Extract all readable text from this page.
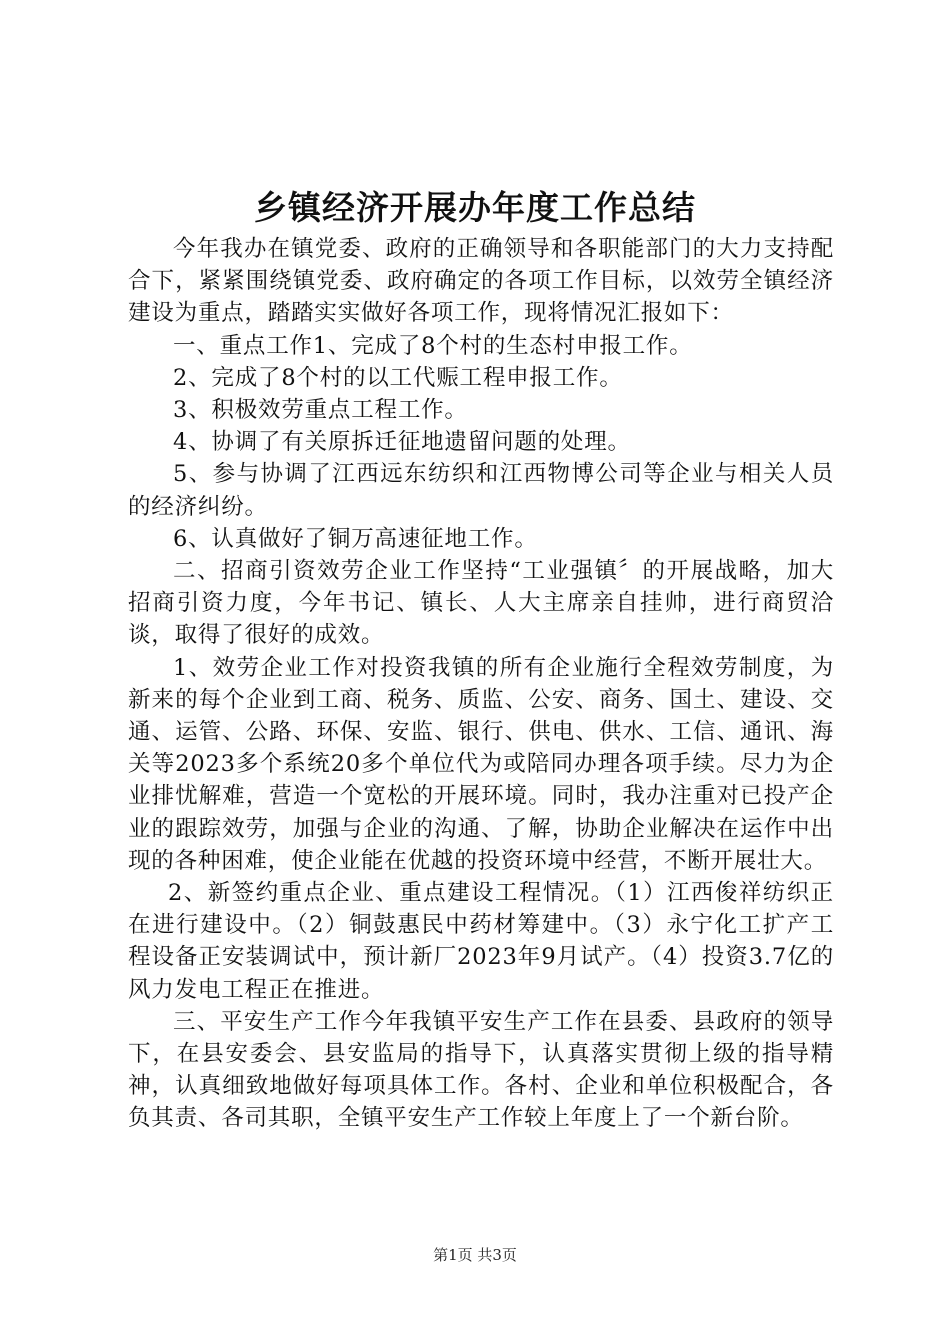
乡镇经济开展办年度工作总结

今年我办在镇党委、政府的正确领导和各职能部门的大力支持配合下，紧紧围绕镇党委、政府确定的各项工作目标，以效劳全镇经济建设为重点，踏踏实实做好各项工作，现将情况汇报如下：

一、重点工作1、完成了8个村的生态村申报工作。

2、完成了8个村的以工代赈工程申报工作。

3、积极效劳重点工程工作。

4、协调了有关原拆迁征地遗留问题的处理。

5、参与协调了江西远东纺织和江西物博公司等企业与相关人员的经济纠纷。

6、认真做好了铜万高速征地工作。

二、招商引资效劳企业工作坚持“工业强镇〞的开展战略，加大招商引资力度，今年书记、镇长、人大主席亲自挂帅，进行商贸洽谈，取得了很好的成效。

1、效劳企业工作对投资我镇的所有企业施行全程效劳制度，为新来的每个企业到工商、税务、质监、公安、商务、国土、建设、交通、运管、公路、环保、安监、银行、供电、供水、工信、通讯、海关等2023多个系统20多个单位代为或陪同办理各项手续。尽力为企业排忧解难，营造一个宽松的开展环境。同时，我办注重对已投产企业的跟踪效劳，加强与企业的沟通、了解，协助企业解决在运作中出现的各种困难，使企业能在优越的投资环境中经营，不断开展壮大。

2、新签约重点企业、重点建设工程情况。（1）江西俊祥纺织正在进行建设中。（2）铜鼓惠民中药材筹建中。（3）永宁化工扩产工程设备正安装调试中，预计新厂2023年9月试产。（4）投资3.7亿的风力发电工程正在推进。

三、平安生产工作今年我镇平安生产工作在县委、县政府的领导下，在县安委会、县安监局的指导下，认真落实贯彻上级的指导精神，认真细致地做好每项具体工作。各村、企业和单位积极配合，各负其责、各司其职，全镇平安生产工作较上年度上了一个新台阶。

第1页 共3页
